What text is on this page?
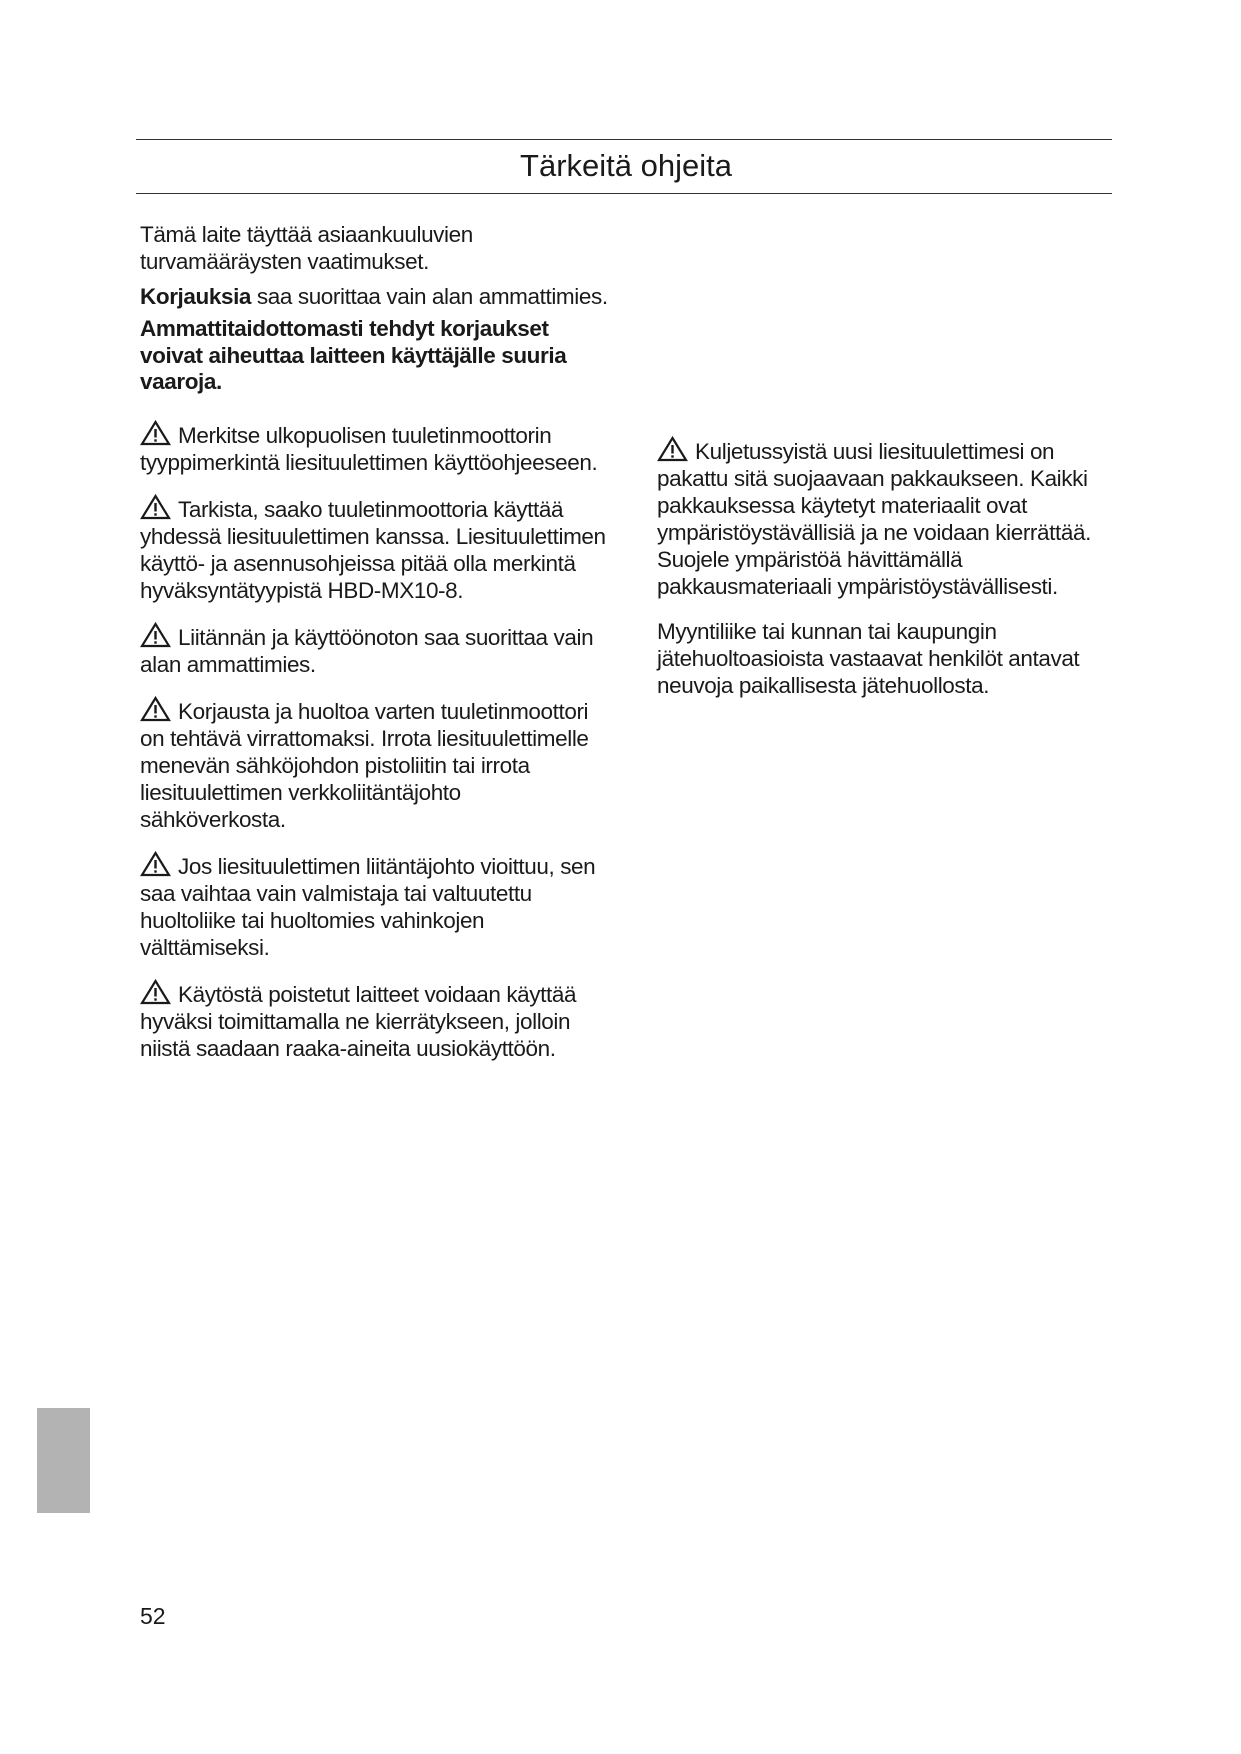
Tärkeitä ohjeita

Tämä laite täyttää asiaankuuluvien turvamääräysten vaatimukset.

Korjauksia saa suorittaa vain alan ammattimies.

Ammattitaidottomasti tehdyt korjaukset voivat aiheuttaa laitteen käyttäjälle suuria vaaroja.

Merkitse ulkopuolisen tuuletinmoottorin tyyppimerkintä liesituulettimen käyttöohjeeseen.

Tarkista, saako tuuletinmoottoria käyttää yhdessä liesituulettimen kanssa. Liesituulettimen käyttö- ja asennusohjeissa pitää olla merkintä hyväksyntätyypistä HBD-MX10-8.

Liitännän ja käyttöönoton saa suorittaa vain alan ammattimies.

Korjausta ja huoltoa varten tuuletinmoottori on tehtävä virrattomaksi. Irrota liesituulettimelle menevän sähköjohdon pistoliitin tai irrota liesituulettimen verkkoliitäntäjohto sähköverkosta.

Jos liesituulettimen liitäntäjohto vioittuu, sen saa vaihtaa vain valmistaja tai valtuutettu huoltoliike tai huoltomies vahinkojen välttämiseksi.

Käytöstä poistetut laitteet voidaan käyttää hyväksi toimittamalla ne kierrätykseen, jolloin niistä saadaan raaka-aineita uusiokäyttöön.

Kuljetussyistä uusi liesituulettimesi on pakattu sitä suojaavaan pakkaukseen. Kaikki pakkauksessa käytetyt materiaalit ovat ympäristöystävällisiä ja ne voidaan kierrättää. Suojele ympäristöä hävittämällä pakkausmateriaali ympäristöystävällisesti.

Myyntiliike tai kunnan tai kaupungin jätehuoltoasioista vastaavat henkilöt antavat neuvoja paikallisesta jätehuollosta.

52
